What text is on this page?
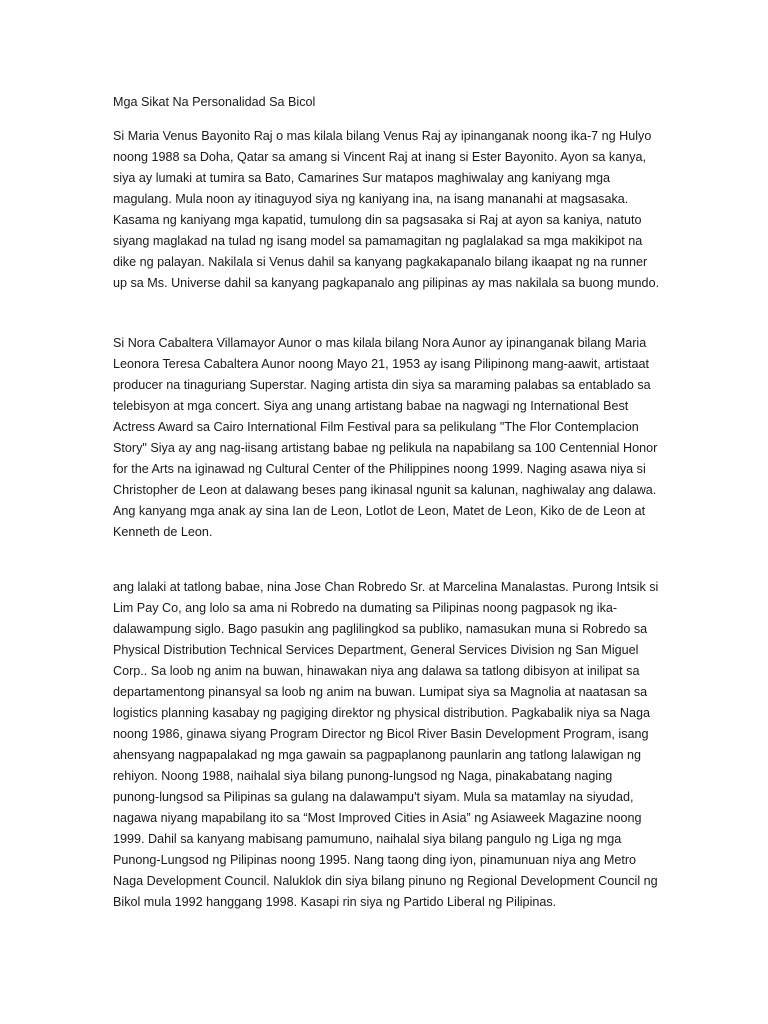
Mga Sikat Na Personalidad Sa Bicol

Si Maria Venus Bayonito Raj o mas kilala bilang Venus Raj ay ipinanganak noong ika-7 ng Hulyo noong 1988 sa Doha, Qatar sa amang si Vincent Raj at inang si Ester Bayonito. Ayon sa kanya, siya ay lumaki at tumira sa Bato, Camarines Sur matapos maghiwalay ang kaniyang mga magulang. Mula noon ay itinaguyod siya ng kaniyang ina, na isang mananahi at magsasaka. Kasama ng kaniyang mga kapatid, tumulong din sa pagsasaka si Raj at ayon sa kaniya, natuto siyang maglakad na tulad ng isang model sa pamamagitan ng paglalakad sa mga makikipot na dike ng palayan. Nakilala si Venus dahil sa kanyang pagkakapanalo bilang ikaapat ng na runner up sa Ms. Universe dahil sa kanyang pagkapanalo ang pilipinas ay mas nakilala sa buong mundo.

Si Nora Cabaltera Villamayor Aunor o mas kilala bilang Nora Aunor ay ipinanganak bilang Maria Leonora Teresa Cabaltera Aunor noong Mayo 21, 1953 ay isang Pilipinong mang-aawit, artistaat producer na tinaguriang Superstar. Naging artista din siya sa maraming palabas sa entablado sa telebisyon at mga concert. Siya ang unang artistang babae na nagwagi ng International Best Actress Award sa Cairo International Film Festival para sa pelikulang "The Flor Contemplacion Story" Siya ay ang nag-iisang artistang babae ng pelikula na napabilang sa 100 Centennial Honor for the Arts na iginawad ng Cultural Center of the Philippines noong 1999. Naging asawa niya si Christopher de Leon at dalawang beses pang ikinasal ngunit sa kalunan, naghiwalay ang dalawa. Ang kanyang mga anak ay sina Ian de Leon, Lotlot de Leon, Matet de Leon, Kiko de de Leon at Kenneth de Leon.

ang lalaki at tatlong babae, nina Jose Chan Robredo Sr. at Marcelina Manalastas. Purong Intsik si Lim Pay Co, ang lolo sa ama ni Robredo na dumating sa Pilipinas noong pagpasok ng ika-dalawampung siglo. Bago pasukin ang paglilingkod sa publiko, namasukan muna si Robredo sa Physical Distribution Technical Services Department, General Services Division ng San Miguel Corp.. Sa loob ng anim na buwan, hinawakan niya ang dalawa sa tatlong dibisyon at inilipat sa departamentong pinansyal sa loob ng anim na buwan. Lumipat siya sa Magnolia at naatasan sa logistics planning kasabay ng pagiging direktor ng physical distribution. Pagkabalik niya sa Naga noong 1986, ginawa siyang Program Director ng Bicol River Basin Development Program, isang ahensyang nagpapalakad ng mga gawain sa pagpaplanong paunlarin ang tatlong lalawigan ng rehiyon. Noong 1988, naihalal siya bilang punong-lungsod ng Naga, pinakabatang naging punong-lungsod sa Pilipinas sa gulang na dalawampu't siyam. Mula sa matamlay na siyudad, nagawa niyang mapabilang ito sa “Most Improved Cities in Asia” ng Asiaweek Magazine noong 1999. Dahil sa kanyang mabisang pamumuno, naihalal siya bilang pangulo ng Liga ng mga Punong-Lungsod ng Pilipinas noong 1995. Nang taong ding iyon, pinamunuan niya ang Metro Naga Development Council. Naluklok din siya bilang pinuno ng Regional Development Council ng Bikol mula 1992 hanggang 1998. Kasapi rin siya ng Partido Liberal ng Pilipinas.
